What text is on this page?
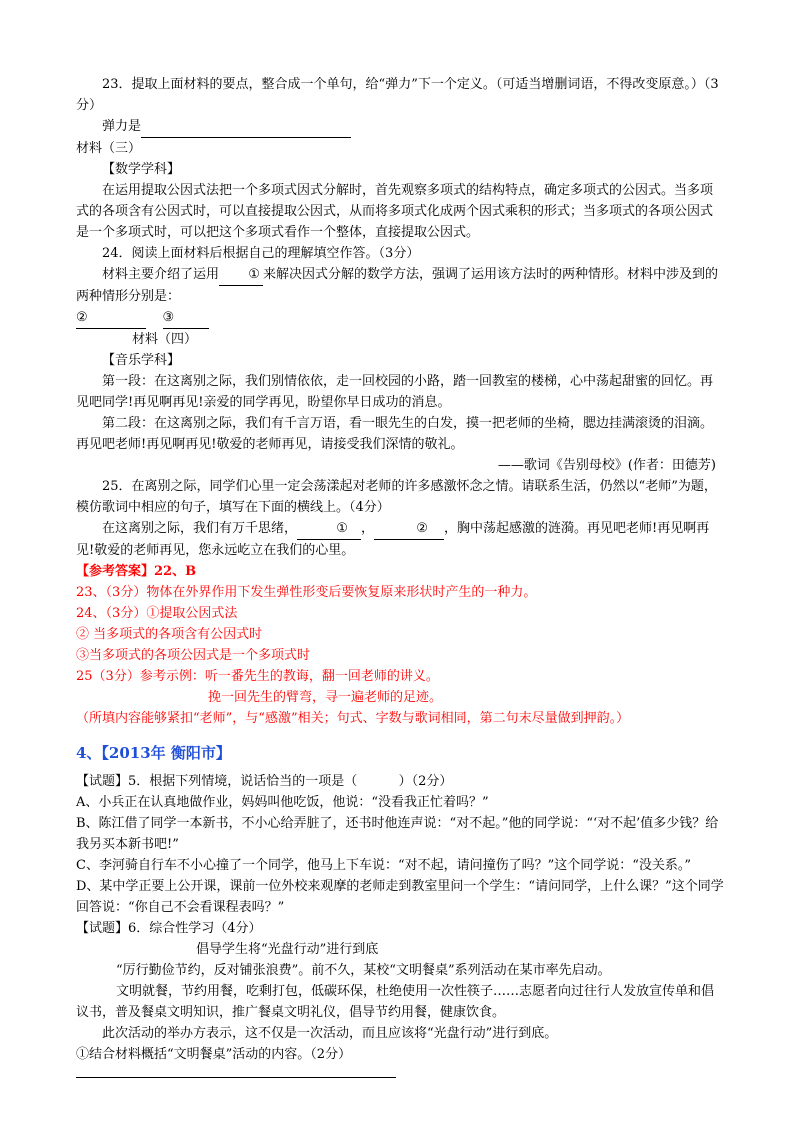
23．提取上面材料的要点，整合成一个单句，给“弹力”下一个定义。（可适当增删词语，不得改变原意。）（3分）

弹力是

材料（三）

【数学学科】

在运用提取公因式法把一个多项式因式分解时，首先观察多项式的结构特点，确定多项式的公因式。当多项式的各项含有公因式时，可以直接提取公因式，从而将多项式化成两个因式乘积的形式；当多项式的各项公因式是一个多项式时，可以把这个多项式看作一个整体，直接提取公因式。

24．阅读上面材料后根据自己的理解填空作答。（3分）

材料主要介绍了运用 ① 来解决因式分解的数学方法，强调了运用该方法时的两种情形。材料中涉及到的两种情形分别是：

②	③

材料（四）

【音乐学科】

第一段：在这离别之际，我们别情依依，走一回校园的小路，踏一回教室的楼梯，心中荡起甜蜜的回忆。再见吧同学!再见啊再见!亲爱的同学再见，盼望你早日成功的消息。

第二段：在这离别之际，我们有千言万语，看一眼先生的白发，摸一把老师的坐椅，腮边挂满滚烫的泪滴。再见吧老师!再见啊再见!敬爱的老师再见，请接受我们深情的敬礼。

——歌词《告别母校》(作者：田德芳)

25．在离别之际，同学们心里一定会荡漾起对老师的许多感激怀念之情。请联系生活，仍然以“老师”为题，模仿歌词中相应的句子，填写在下面的横线上。（4分）

在这离别之际，我们有万千思绪，	① ，	② ，胸中荡起感激的涟漪。再见吧老师!再见啊再见!敬爱的老师再见，您永远屹立在我们的心里。

【参考答案】22、B

23、（3分）物体在外界作用下发生弹性形变后要恢复原来形状时产生的一种力。

24、（3分）①提取公因式法

② 当多项式的各项含有公因式时

③当多项式的各项公因式是一个多项式时

25（3分）参考示例：听一番先生的教诲，翻一回老师的讲义。

挽一回先生的臂弯，寻一遍老师的足迹。

（所填内容能够紧扣“老师”，与“感激”相关；句式、字数与歌词相同，第二句末尽量做到押韵。）

4、【2013年 衡阳市】

【试题】5．根据下列情境，说话恰当的一项是（          ）（2分）

A、小兵正在认真地做作业，妈妈叫他吃饭，他说：“没看我正忙着吗？”

B、陈江借了同学一本新书，不小心给弄脏了，还书时他连声说：“对不起。”他的同学说：“‘对不起’值多少钱？给我另买本新书吧!”

C、李河骑自行车不小心撞了一个同学，他马上下车说：“对不起，请问撞伤了吗？”这个同学说：“没关系。”

D、某中学正要上公开课，课前一位外校来观摩的老师走到教室里问一个学生：“请问同学，上什么课？”这个同学回答说：“你自己不会看课程表吗？”

【试题】6．综合性学习（4分）

倡导学生将“光盘行动”进行到底

“厉行勤俭节约，反对铺张浪费”。前不久，某校“文明餐桌”系列活动在某市率先启动。

文明就餐，节约用餐，吃剩打包，低碳环保，杜绝使用一次性筷子……志愿者向过往行人发放宣传单和倡议书，普及餐桌文明知识，推广餐桌文明礼仪，倡导节约用餐，健康饮食。

此次活动的举办方表示，这不仅是一次活动，而且应该将“光盘行动”进行到底。

①结合材料概括“文明餐桌”活动的内容。（2分）
